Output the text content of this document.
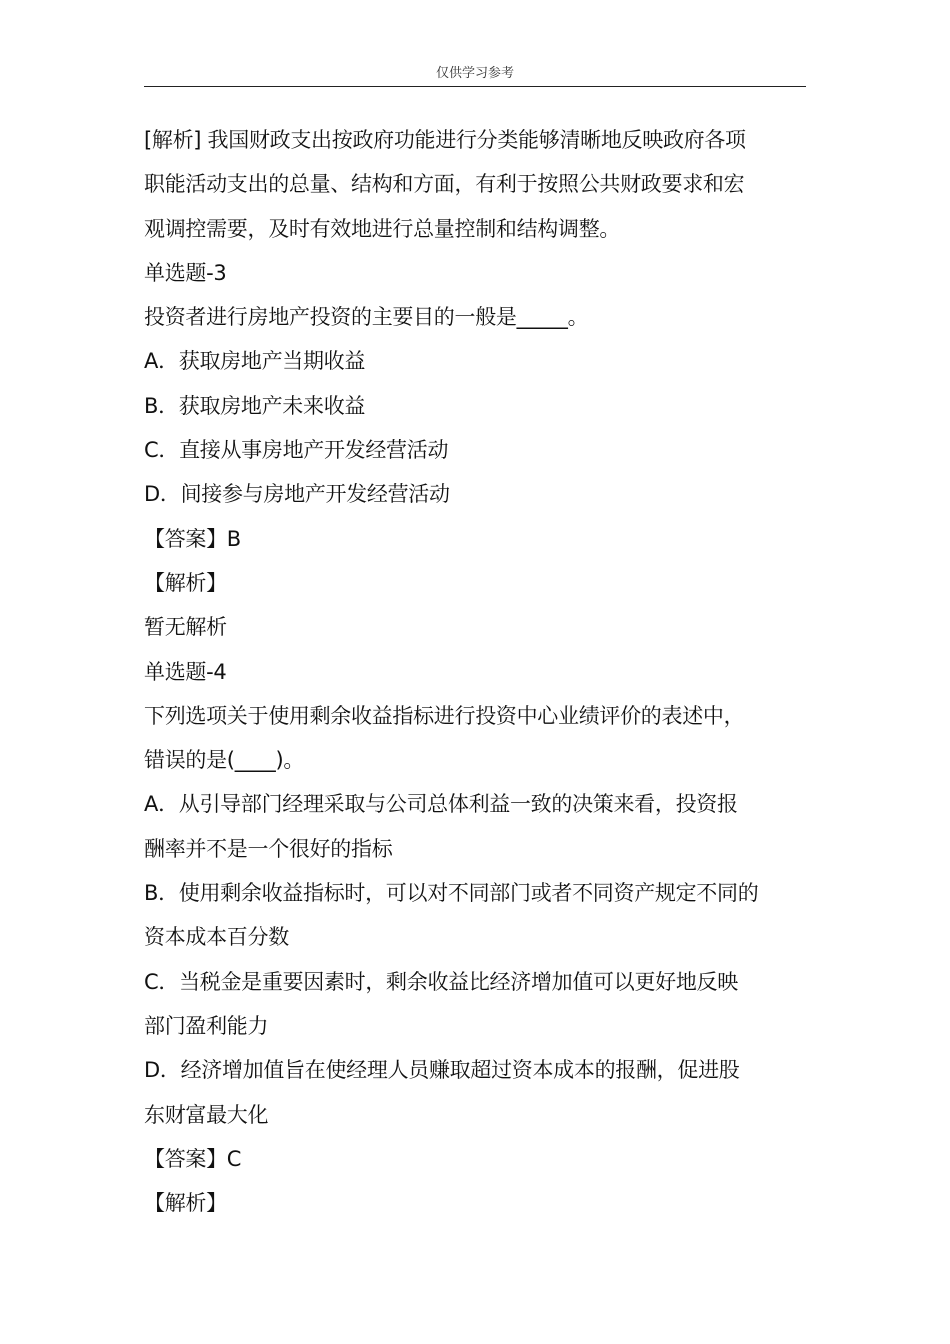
仅供学习参考
[解析] 我国财政支出按政府功能进行分类能够清晰地反映政府各项
职能活动支出的总量、结构和方面，有利于按照公共财政要求和宏
观调控需要，及时有效地进行总量控制和结构调整。
单选题-3
投资者进行房地产投资的主要目的一般是_____。
A．获取房地产当期收益
B．获取房地产未来收益
C．直接从事房地产开发经营活动
D．间接参与房地产开发经营活动
【答案】B
【解析】
暂无解析
单选题-4
下列选项关于使用剩余收益指标进行投资中心业绩评价的表述中，
错误的是(____)。
A．从引导部门经理采取与公司总体利益一致的决策来看，投资报
酬率并不是一个很好的指标
B．使用剩余收益指标时，可以对不同部门或者不同资产规定不同的
资本成本百分数
C．当税金是重要因素时，剩余收益比经济增加值可以更好地反映
部门盈利能力
D．经济增加值旨在使经理人员赚取超过资本成本的报酬，促进股
东财富最大化
【答案】C
【解析】
